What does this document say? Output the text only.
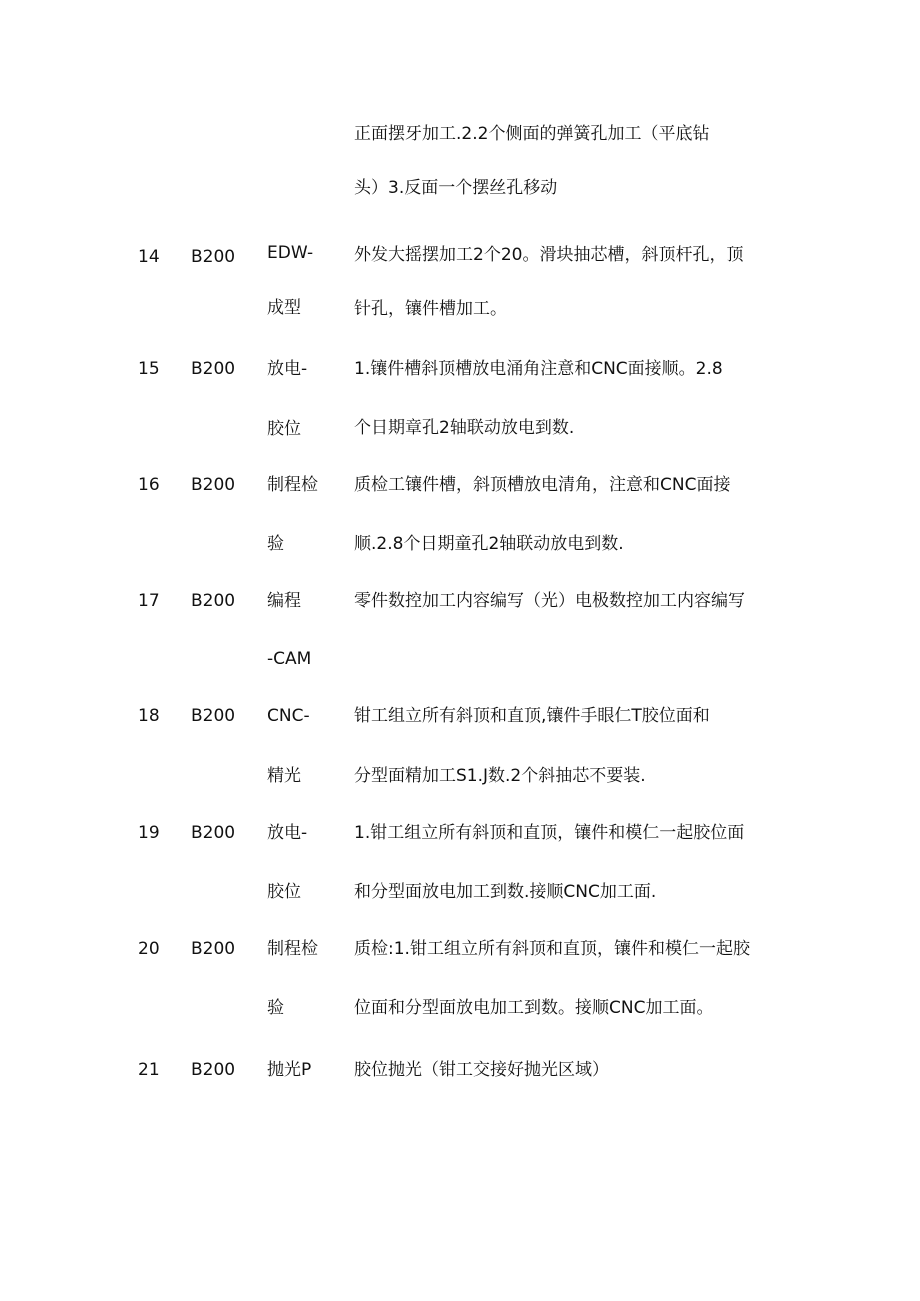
正面摆牙加工.2.2个侧面的弹簧孔加工（平底钻
头）3.反面一个摆丝孔移动
14 B200 EDW-
成型
外发大摇摆加工2个20。滑块抽芯槽，斜顶杆孔，顶
针孔，镶件槽加工。
15 B200 放电-
胶位
1.镶件槽斜顶槽放电涌角注意和CNC面接顺。2.8
个日期章孔2轴联动放电到数.
16 B200 制程检
验
质检工镶件槽，斜顶槽放电清角，注意和CNC面接
顺.2.8个日期童孔2轴联动放电到数.
17 B200 编程
-CAM
零件数控加工内容编写（光）电极数控加工内容编写
18 B200 CNC-
精光
钳工组立所有斜顶和直顶,镶件手眼仁T胶位面和
分型面精加工S1.J数.2个斜抽芯不要装.
19 B200 放电-
胶位
1.钳工组立所有斜顶和直顶，镶件和模仁一起胶位面
和分型面放电加工到数.接顺CNC加工面.
20 B200 制程检
验
质检:1.钳工组立所有斜顶和直顶，镶件和模仁一起胶
位面和分型面放电加工到数。接顺CNC加工面。
21 B200 抛光P	胶位抛光（钳工交接好抛光区域）
